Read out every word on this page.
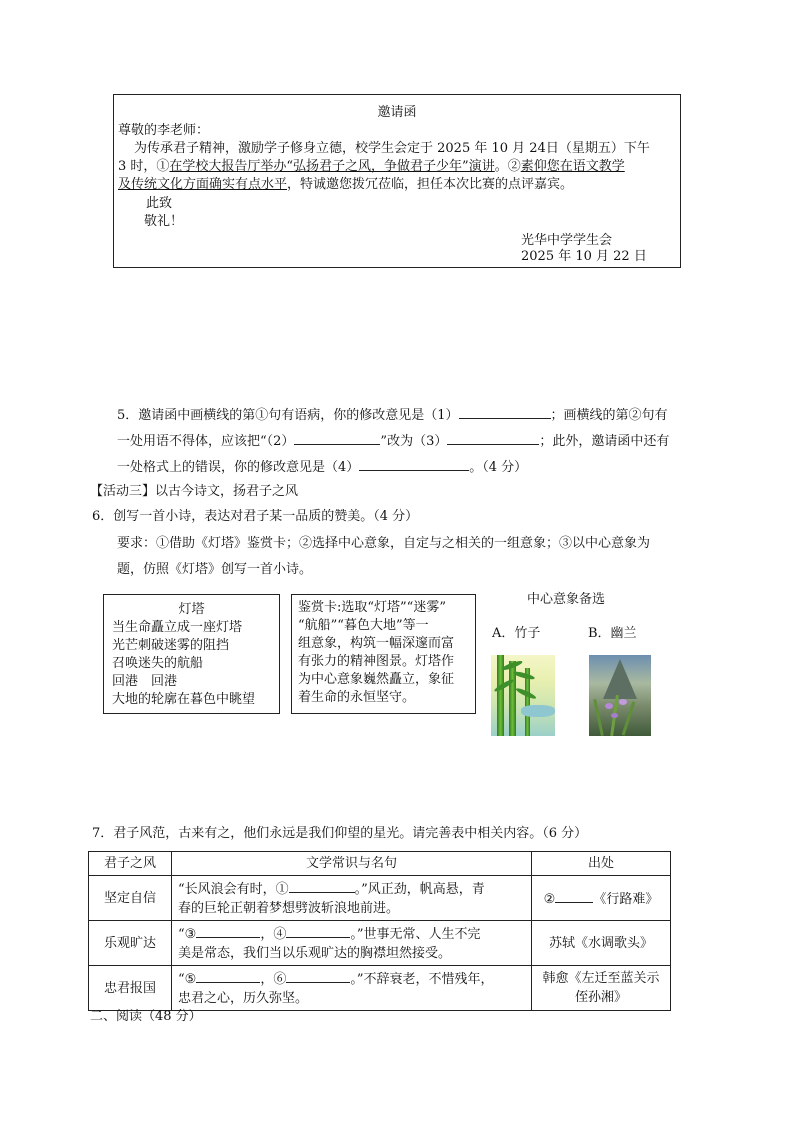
邀请函
尊敬的李老师：
为传承君子精神，激励学子修身立德，校学生会定于 2025 年 10 月 24日（星期五）下午
3 时，①在学校大报告厅举办“弘扬君子之风，争做君子少年”演讲。②素仰您在语文教学
及传统文化方面确实有点水平，特诚邀您拨冗莅临，担任本次比赛的点评嘉宾。
此致
敬礼！
光华中学学生会
2025 年 10 月 22 日
5．邀请函中画横线的第①句有语病，你的修改意见是（1）	；画横线的第②句有
一处用语不得体，应该把“（2）	”改为（3）	；此外，邀请函中还有
一处格式上的错误，你的修改意见是（4）	。（4 分）
【活动三】以古今诗文，扬君子之风
6．创写一首小诗，表达对君子某一品质的赞美。（4 分）
要求：①借助《灯塔》鉴赏卡；②选择中心意象，自定与之相关的一组意象；③以中心意象为
题，仿照《灯塔》创写一首小诗。
灯塔
当生命矗立成一座灯塔
光芒刺破迷雾的阻挡
召唤迷失的航船
回港　回港
大地的轮廓在暮色中眺望
鉴赏卡:选取“灯塔”“迷雾”
“航船”“暮色大地”等一
组意象，构筑一幅深邃而富
有张力的精神图景。灯塔作
为中心意象巍然矗立，象征
着生命的永恒坚守。
中心意象备选
A．竹子	B．幽兰
7．君子风范，古来有之，他们永远是我们仰望的星光。请完善表中相关内容。（6 分）
君子之风	文学常识与名句	出处
坚定自信	“长风浪会有时，① 。”风正劲，帆高悬，青
春的巨轮正朝着梦想劈波斩浪地前进。	② 《行路难》
乐观旷达	“③ ，④ 。”世事无常、人生不完
美是常态，我们当以乐观旷达的胸襟坦然接受。	苏轼《水调歌头》
忠君报国	“⑤ ，⑥ 。”不辞衰老，不惜残年，
忠君之心，历久弥坚。	韩愈《左迁至蓝关示
侄孙湘》
二、阅读（48 分）
